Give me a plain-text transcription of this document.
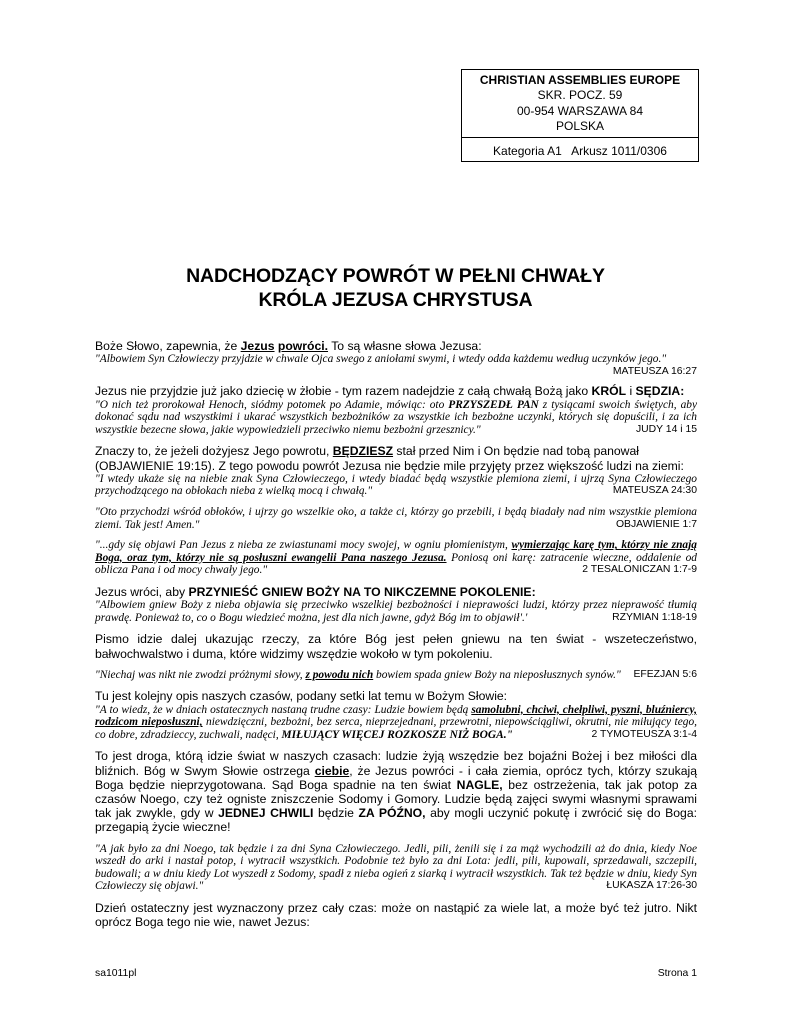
CHRISTIAN ASSEMBLIES EUROPE
SKR. POCZ. 59
00-954 WARSZAWA 84
POLSKA
Kategoria A1   Arkusz 1011/0306
NADCHODZĄCY POWRÓT W PEŁNI CHWAŁY
KRÓLA JEZUSA CHRYSTUSA
Boże Słowo, zapewnia, że Jezus powróci. To są własne słowa Jezusa:
"Albowiem Syn Człowieczy przyjdzie w chwale Ojca swego z aniołami swymi, i wtedy odda każdemu według uczynków jego."
MATEUSZA 16:27
Jezus nie przyjdzie już jako dziecię w żłobie - tym razem nadejdzie z całą chwałą Bożą jako KRÓL i SĘDZIA:
"O nich też prorokował Henoch, siódmy potomek po Adamie, mówiąc: oto PRZYSZEDŁ PAN z tysiącami swoich świętych, aby dokonać sądu nad wszystkimi i ukarać wszystkich bezbożników za wszystkie ich bezbożne uczynki, których się dopuścili, i za ich wszystkie bezecne słowa, jakie wypowiedzieli przeciwko niemu bezbożni grzesznicy."	JUDY 14 i 15
Znaczy to, że jeżeli dożyjesz Jego powrotu, BĘDZIESZ stał przed Nim i On będzie nad tobą panował (OBJAWIENIE 19:15). Z tego powodu powrót Jezusa nie będzie mile przyjęty przez większość ludzi na ziemi:
"I wtedy ukaże się na niebie znak Syna Człowieczego, i wtedy biadać będą wszystkie plemiona ziemi, i ujrzą Syna Człowieczego przychodzącego na obłokach nieba z wielką mocą i chwałą."	MATEUSZA 24:30
"Oto przychodzi wśród obłoków, i ujrzy go wszelkie oko, a także ci, którzy go przebili, i będą biadały nad nim wszystkie plemiona ziemi. Tak jest! Amen."	OBJAWIENIE 1:7
"...gdy się objawi Pan Jezus z nieba ze zwiastunami mocy swojej, w ogniu płomienistym, wymierzając karę tym, którzy nie znają Boga, oraz tym, którzy nie są posłuszni ewangelii Pana naszego Jezusa. Poniosą oni karę: zatracenie wieczne, oddalenie od oblicza Pana i od mocy chwały jego."	2 TESALONICZAN 1:7-9
Jezus wróci, aby PRZYNIEŚĆ GNIEW BOŻY NA TO NIKCZEMNE POKOLENIE:
"Albowiem gniew Boży z nieba objawia się przeciwko wszelkiej bezbożności i nieprawości ludzi, którzy przez nieprawość tłumią prawdę. Ponieważ to, co o Bogu wiedzieć można, jest dla nich jawne, gdyż Bóg im to objawił'.'	RZYMIAN 1:18-19
Pismo idzie dalej ukazując rzeczy, za które Bóg jest pełen gniewu na ten świat - wszeteczeństwo, bałwochwalstwo i duma, które widzimy wszędzie wokoło w tym pokoleniu.
"Niechaj was nikt nie zwodzi próżnymi słowy, z powodu nich bowiem spada gniew Boży na nieposłusznych synów." EFEZJAN 5:6
Tu jest kolejny opis naszych czasów, podany setki lat temu w Bożym Słowie:
"A to wiedz, że w dniach ostatecznych nastaną trudne czasy: Ludzie bowiem będą samolubni, chciwi, chełpliwi, pyszni, bluźniercy, rodzicom nieposłuszni, niewdzięczni, bezbożni, bez serca, nieprzejednani, przewrotni, niepowściągliwi, okrutni, nie miłujący tego, co dobre, zdradzieccy, zuchwali, nadęci, MIŁUJĄCY WIĘCEJ ROZKOSZE NIŻ BOGA."	2 TYMOTEUSZA 3:1-4
To jest droga, którą idzie świat w naszych czasach: ludzie żyją wszędzie bez bojaźni Bożej i bez miłości dla bliźnich. Bóg w Swym Słowie ostrzega ciebie, że Jezus powróci - i cała ziemia, oprócz tych, którzy szukają Boga będzie nieprzygotowana. Sąd Boga spadnie na ten świat NAGLE, bez ostrzeżenia, tak jak potop za czasów Noego, czy też ogniste zniszczenie Sodomy i Gomory. Ludzie będą zajęci swymi własnymi sprawami tak jak zwykle, gdy w JEDNEJ CHWILI będzie ZA PÓŹNO, aby mogli uczynić pokutę i zwrócić się do Boga: przegapią życie wieczne!
"A jak było za dni Noego, tak będzie i za dni Syna Człowieczego. Jedli, pili, żenili się i za mąż wychodzili aż do dnia, kiedy Noe wszedł do arki i nastał potop, i wytracił wszystkich. Podobnie też było za dni Lota: jedli, pili, kupowali, sprzedawali, szczepili, budowali; a w dniu kiedy Lot wyszedł z Sodomy, spadł z nieba ogień z siarką i wytracił wszystkich. Tak też będzie w dniu, kiedy Syn Człowieczy się objawi."	ŁUKASZA 17:26-30
Dzień ostateczny jest wyznaczony przez cały czas: może on nastąpić za wiele lat, a może być też jutro. Nikt oprócz Boga tego nie wie, nawet Jezus:
sa1011pl	Strona 1
